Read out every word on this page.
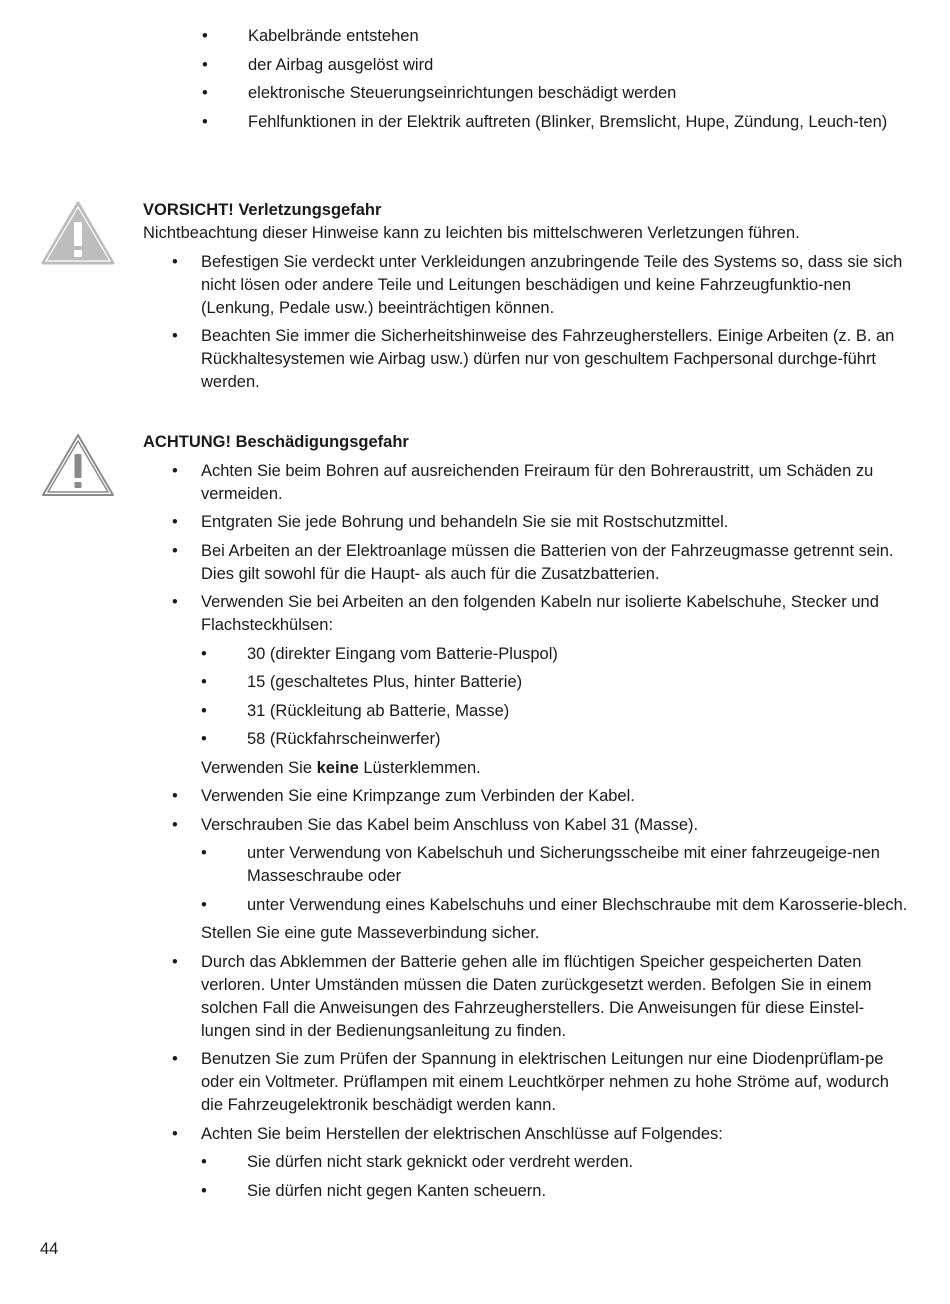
• Kabelbrände entstehen
• der Airbag ausgelöst wird
• elektronische Steuerungseinrichtungen beschädigt werden
• Fehlfunktionen in der Elektrik auftreten (Blinker, Bremslicht, Hupe, Zündung, Leuch-ten)
VORSICHT! Verletzungsgefahr
Nichtbeachtung dieser Hinweise kann zu leichten bis mittelschweren Verletzungen führen.
• Befestigen Sie verdeckt unter Verkleidungen anzubringende Teile des Systems so, dass sie sich nicht lösen oder andere Teile und Leitungen beschädigen und keine Fahrzeugfunktio-nen (Lenkung, Pedale usw.) beeinträchtigen können.
• Beachten Sie immer die Sicherheitshinweise des Fahrzeugherstellers. Einige Arbeiten (z. B. an Rückhaltesystemen wie Airbag usw.) dürfen nur von geschultem Fachpersonal durchge-führt werden.
ACHTUNG! Beschädigungsgefahr
• Achten Sie beim Bohren auf ausreichenden Freiraum für den Bohreraustritt, um Schäden zu vermeiden.
• Entgraten Sie jede Bohrung und behandeln Sie sie mit Rostschutzmittel.
• Bei Arbeiten an der Elektroanlage müssen die Batterien von der Fahrzeugmasse getrennt sein. Dies gilt sowohl für die Haupt- als auch für die Zusatzbatterien.
• Verwenden Sie bei Arbeiten an den folgenden Kabeln nur isolierte Kabelschuhe, Stecker und Flachsteckhülsen:
• 30 (direkter Eingang vom Batterie-Pluspol)
• 15 (geschaltetes Plus, hinter Batterie)
• 31 (Rückleitung ab Batterie, Masse)
• 58 (Rückfahrscheinwerfer)
Verwenden Sie keine Lüsterklemmen.
• Verwenden Sie eine Krimpzange zum Verbinden der Kabel.
• Verschrauben Sie das Kabel beim Anschluss von Kabel 31 (Masse).
• unter Verwendung von Kabelschuh und Sicherungsscheibe mit einer fahrzeugeige-nen Masseschraube oder
• unter Verwendung eines Kabelschuhs und einer Blechschraube mit dem Karosserie-blech.
Stellen Sie eine gute Masseverbindung sicher.
• Durch das Abklemmen der Batterie gehen alle im flüchtigen Speicher gespeicherten Daten verloren. Unter Umständen müssen die Daten zurückgesetzt werden. Befolgen Sie in einem solchen Fall die Anweisungen des Fahrzeugherstellers. Die Anweisungen für diese Einstel-lungen sind in der Bedienungsanleitung zu finden.
• Benutzen Sie zum Prüfen der Spannung in elektrischen Leitungen nur eine Diodenprüflam-pe oder ein Voltmeter. Prüflampen mit einem Leuchtkörper nehmen zu hohe Ströme auf, wodurch die Fahrzeugelektronik beschädigt werden kann.
• Achten Sie beim Herstellen der elektrischen Anschlüsse auf Folgendes:
• Sie dürfen nicht stark geknickt oder verdreht werden.
• Sie dürfen nicht gegen Kanten scheuern.
44
